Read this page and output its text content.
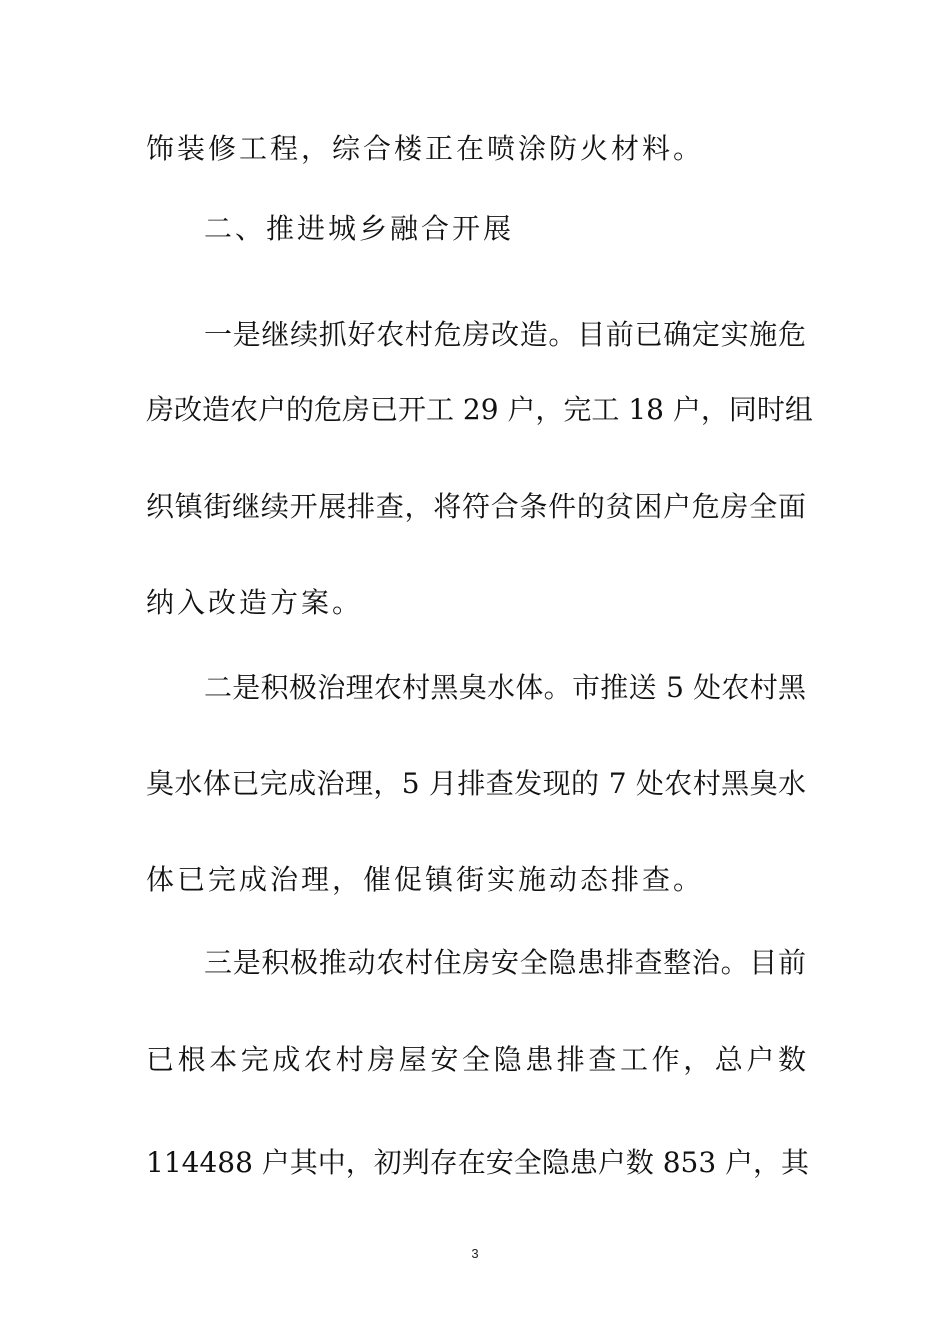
饰装修工程，综合楼正在喷涂防火材料。
二、推进城乡融合开展
一是继续抓好农村危房改造。目前已确定实施危
房改造农户的危房已开工 29 户，完工 18 户，同时组
织镇街继续开展排查，将符合条件的贫困户危房全面
纳入改造方案。
二是积极治理农村黑臭水体。市推送 5 处农村黑
臭水体已完成治理，5 月排查发现的 7 处农村黑臭水
体已完成治理，催促镇街实施动态排查。
三是积极推动农村住房安全隐患排查整治。目前
已根本完成农村房屋安全隐患排查工作，总户数
114488 户其中，初判存在安全隐患户数 853 户，其
3
